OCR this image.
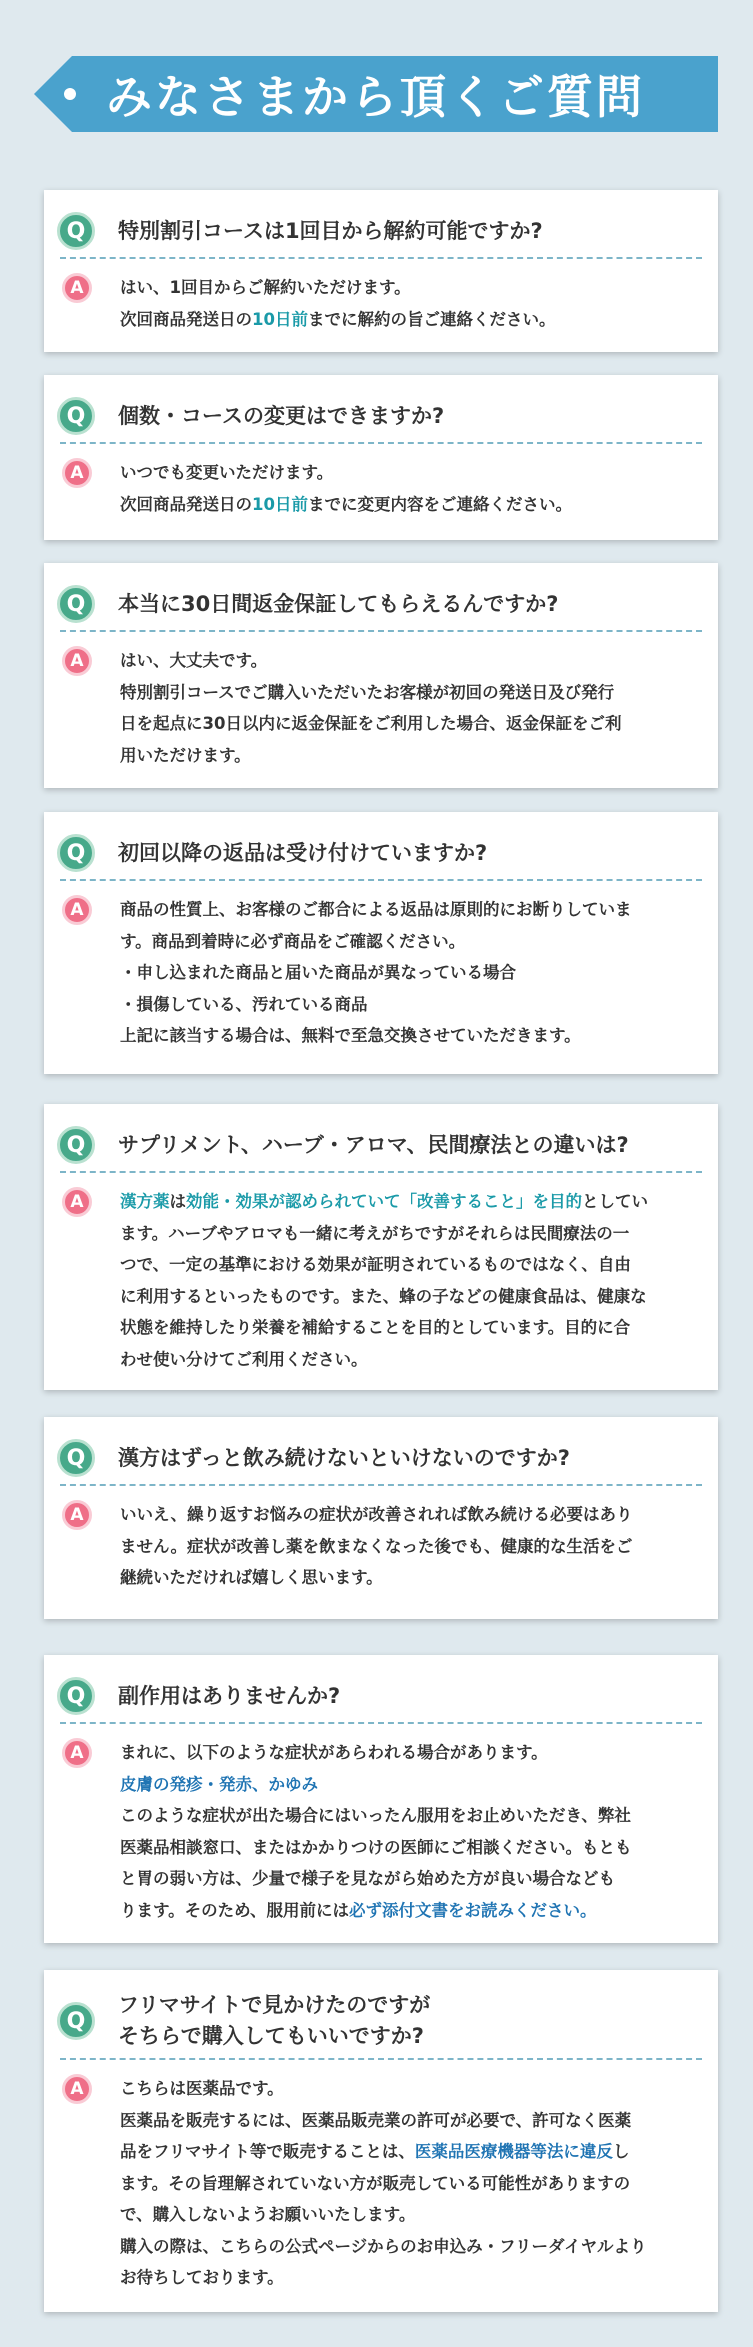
みなさまから頂くご質問
Q 特別割引コースは1回目から解約可能ですか?
A はい、1回目からご解約いただけます。

次回商品発送日の10日前までに解約の旨ご連絡ください。

Q 個数・コースの変更はできますか?
A いつでも変更いただけます。

次回商品発送日の10日前までに変更内容をご連絡ください。

Q 本当に30日間返金保証してもらえるんですか?
A はい、大丈夫です。

特別割引コースでご購入いただいたお客様が初回の発送日及び発行

日を起点に30日以内に返金保証をご利用した場合、返金保証をご利

用いただけます。

Q 初回以降の返品は受け付けていますか?
A 商品の性質上、お客様のご都合による返品は原則的にお断りしていま

す。商品到着時に必ず商品をご確認ください。

・申し込まれた商品と届いた商品が異なっている場合

・損傷している、汚れている商品

上記に該当する場合は、無料で至急交換させていただきます。

Q サプリメント、ハーブ・アロマ、民間療法との違いは?
A 漢方薬は効能・効果が認められていて「改善すること」を目的としてい

ます。ハーブやアロマも一緒に考えがちですがそれらは民間療法の一

つで、一定の基準における効果が証明されているものではなく、自由

に利用するといったものです。また、蜂の子などの健康食品は、健康な

状態を維持したり栄養を補給することを目的としています。目的に合

わせ使い分けてご利用ください。

Q 漢方はずっと飲み続けないといけないのですか?
A いいえ、繰り返すお悩みの症状が改善されれば飲み続ける必要はあり

ません。症状が改善し薬を飲まなくなった後でも、健康的な生活をご

継続いただければ嬉しく思います。

Q 副作用はありませんか?
A まれに、以下のような症状があらわれる場合があります。

皮膚の発疹・発赤、かゆみ

このような症状が出た場合にはいったん服用をお止めいただき、弊社

医薬品相談窓口、またはかかりつけの医師にご相談ください。もとも

と胃の弱い方は、少量で様子を見ながら始めた方が良い場合なども

ります。そのため、服用前には必ず添付文書をお読みください。

Q
フリマサイトで見かけたのですが
そちらで購入してもいいですか?
A こちらは医薬品です。

医薬品を販売するには、医薬品販売業の許可が必要で、許可なく医薬

品をフリマサイト等で販売することは、医薬品医療機器等法に違反し

ます。その旨理解されていない方が販売している可能性がありますの

で、購入しないようお願いいたします。

購入の際は、こちらの公式ページからのお申込み・フリーダイヤルより

お待ちしております。
